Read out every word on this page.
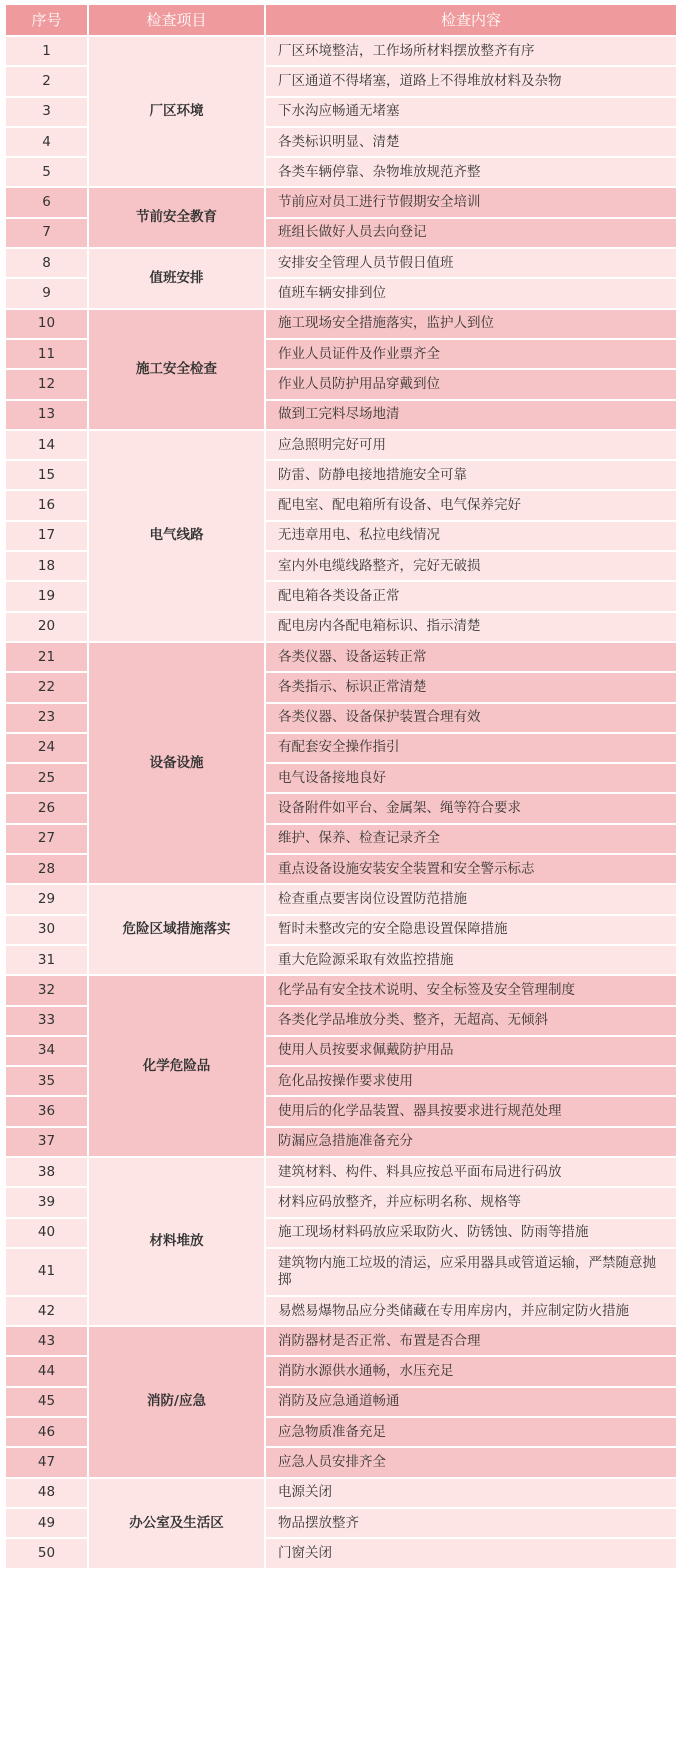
序号	检查项目	检查内容
1	厂区环境	厂区环境整洁，工作场所材料摆放整齐有序
2		厂区通道不得堵塞，道路上不得堆放材料及杂物
3		下水沟应畅通无堵塞
4		各类标识明显、清楚
5		各类车辆停靠、杂物堆放规范齐整
6	节前安全教育	节前应对员工进行节假期安全培训
7		班组长做好人员去向登记
8	值班安排	安排安全管理人员节假日值班
9		值班车辆安排到位
10	施工安全检查	施工现场安全措施落实，监护人到位
11		作业人员证件及作业票齐全
12		作业人员防护用品穿戴到位
13		做到工完料尽场地清
14	电气线路	应急照明完好可用
15		防雷、防静电接地措施安全可靠
16		配电室、配电箱所有设备、电气保养完好
17		无违章用电、私拉电线情况
18		室内外电缆线路整齐，完好无破损
19		配电箱各类设备正常
20		配电房内各配电箱标识、指示清楚
21	设备设施	各类仪器、设备运转正常
22		各类指示、标识正常清楚
23		各类仪器、设备保护装置合理有效
24		有配套安全操作指引
25		电气设备接地良好
26		设备附件如平台、金属架、绳等符合要求
27		维护、保养、检查记录齐全
28		重点设备设施安装安全装置和安全警示标志
29	危险区域措施落实	检查重点要害岗位设置防范措施
30		暂时未整改完的安全隐患设置保障措施
31		重大危险源采取有效监控措施
32	化学危险品	化学品有安全技术说明、安全标签及安全管理制度
33		各类化学品堆放分类、整齐，无超高、无倾斜
34		使用人员按要求佩戴防护用品
35		危化品按操作要求使用
36		使用后的化学品装置、器具按要求进行规范处理
37		防漏应急措施准备充分
38	材料堆放	建筑材料、构件、料具应按总平面布局进行码放
39		材料应码放整齐，并应标明名称、规格等
40		施工现场材料码放应采取防火、防锈蚀、防雨等措施
41		建筑物内施工垃圾的清运，应采用器具或管道运输，严禁随意抛掷
42		易燃易爆物品应分类储藏在专用库房内，并应制定防火措施
43	消防/应急	消防器材是否正常、布置是否合理
44		消防水源供水通畅，水压充足
45		消防及应急通道畅通
46		应急物质准备充足
47		应急人员安排齐全
48	办公室及生活区	电源关闭
49		物品摆放整齐
50		门窗关闭
